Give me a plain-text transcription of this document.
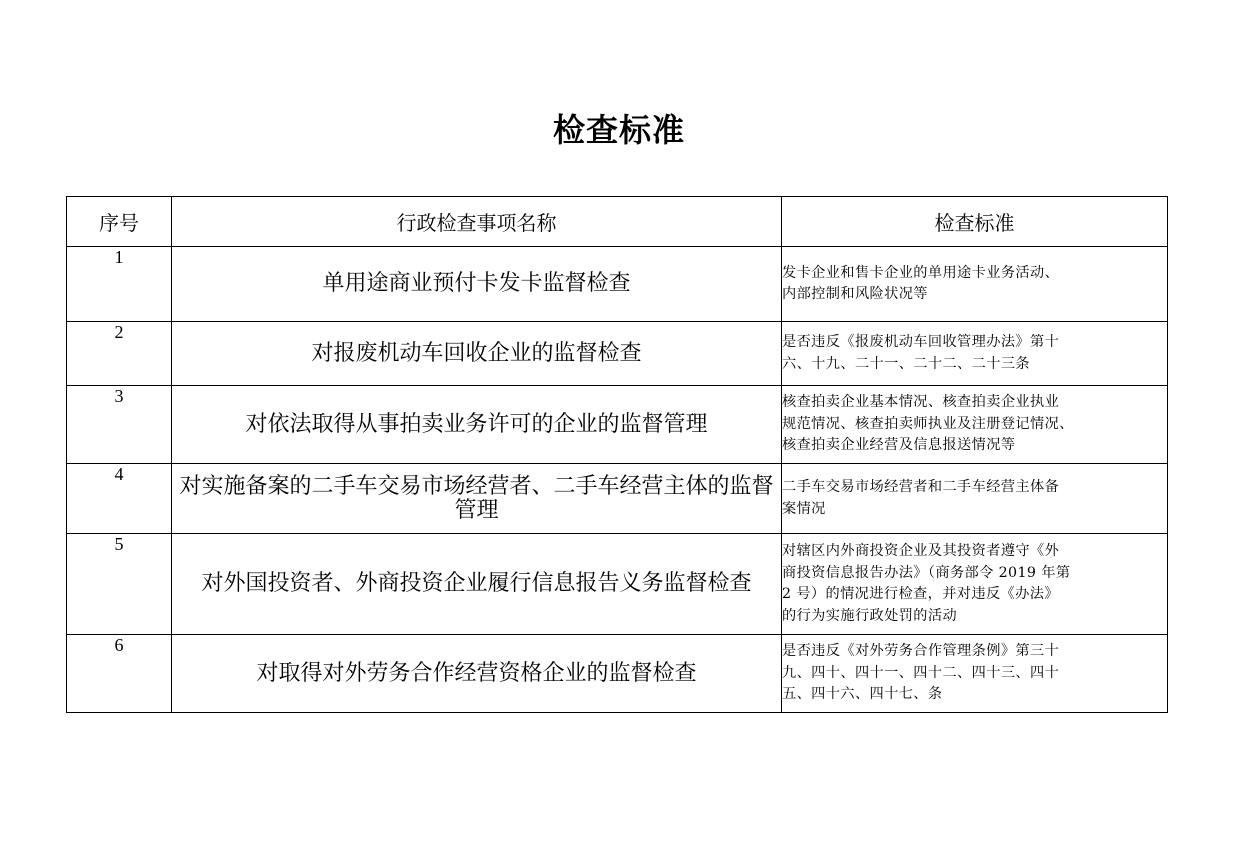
检查标准
序号	行政检查事项名称	检查标准
1	单用途商业预付卡发卡监督检查	发卡企业和售卡企业的单用途卡业务活动、
内部控制和风险状况等

2	对报废机动车回收企业的监督检查	是否违反《报废机动车回收管理办法》第十
六、十九、二十一、二十二、二十三条

3	对依法取得从事拍卖业务许可的企业的监督管理	核查拍卖企业基本情况、核查拍卖企业执业
规范情况、核查拍卖师执业及注册登记情况、
核查拍卖企业经营及信息报送情况等

4	对实施备案的二手车交易市场经营者、二手车经营主体的监督管理	二手车交易市场经营者和二手车经营主体备
案情况

5	对外国投资者、外商投资企业履行信息报告义务监督检查	对辖区内外商投资企业及其投资者遵守《外
商投资信息报告办法》（商务部令 2019 年第
2 号）的情况进行检查，并对违反《办法》
的行为实施行政处罚的活动

6	对取得对外劳务合作经营资格企业的监督检查	是否违反《对外劳务合作管理条例》第三十
九、四十、四十一、四十二、四十三、四十
五、四十六、四十七、条
